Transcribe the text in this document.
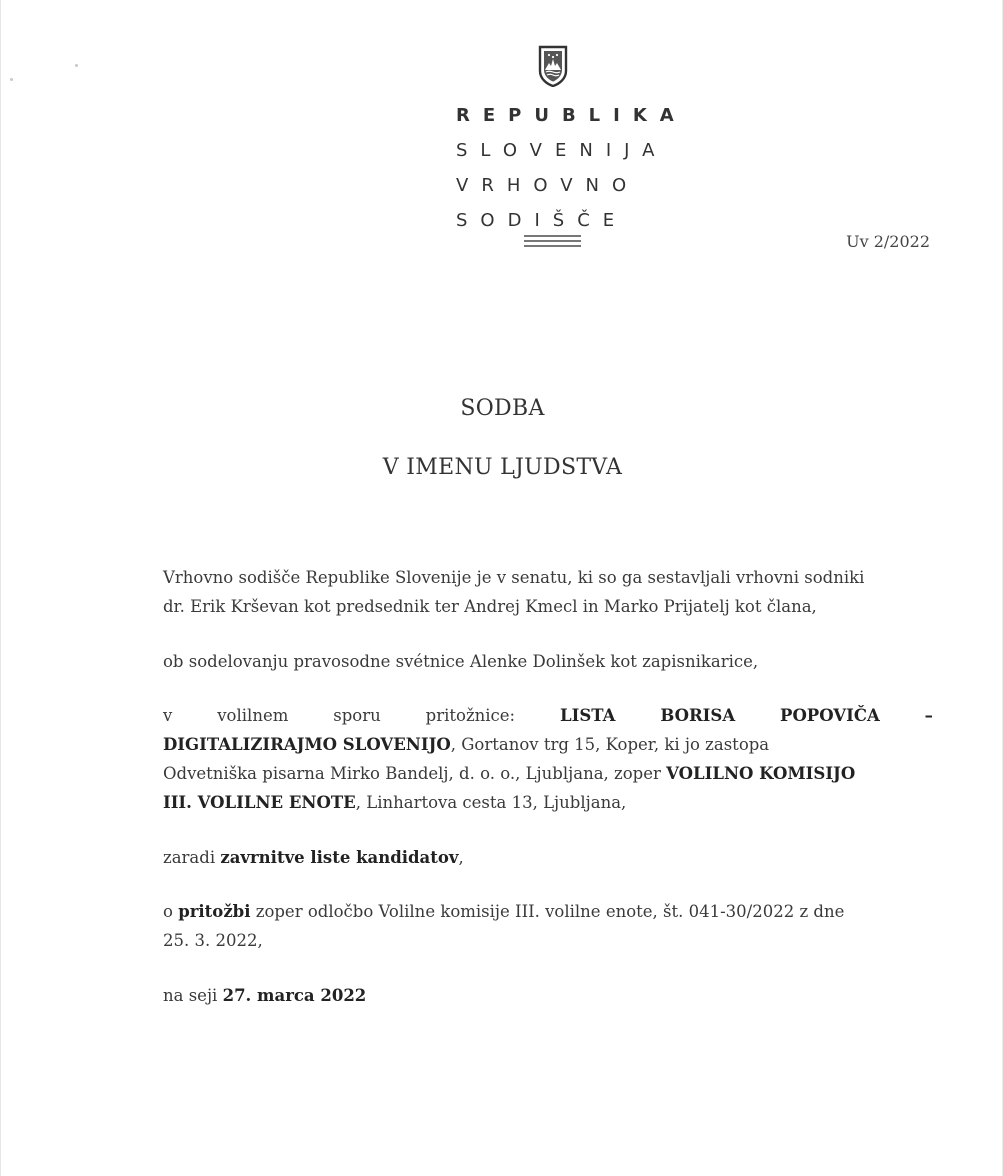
REPUBLIKA
SLOVENIJA
VRHOVNO
SODIŠČE
Uv 2/2022
SODBA
V IMENU LJUDSTVA
Vrhovno sodišče Republike Slovenije je v senatu, ki so ga sestavljali vrhovni sodniki
dr. Erik Krševan kot predsednik ter Andrej Kmecl in Marko Prijatelj kot člana,
ob sodelovanju pravosodne svétnice Alenke Dolinšek kot zapisnikarice,
v	volilnem	sporu	pritožnice:	LISTA	BORISA	POPOVIČA	–
DIGITALIZIRAJMO SLOVENIJO, Gortanov trg 15, Koper, ki jo zastopa
Odvetniška pisarna Mirko Bandelj, d. o. o., Ljubljana, zoper VOLILNO KOMISIJO
III. VOLILNE ENOTE, Linhartova cesta 13, Ljubljana,
zaradi zavrnitve liste kandidatov,
o pritožbi zoper odločbo Volilne komisije III. volilne enote, št. 041-30/2022 z dne
25. 3. 2022,
na seji 27. marca 2022
